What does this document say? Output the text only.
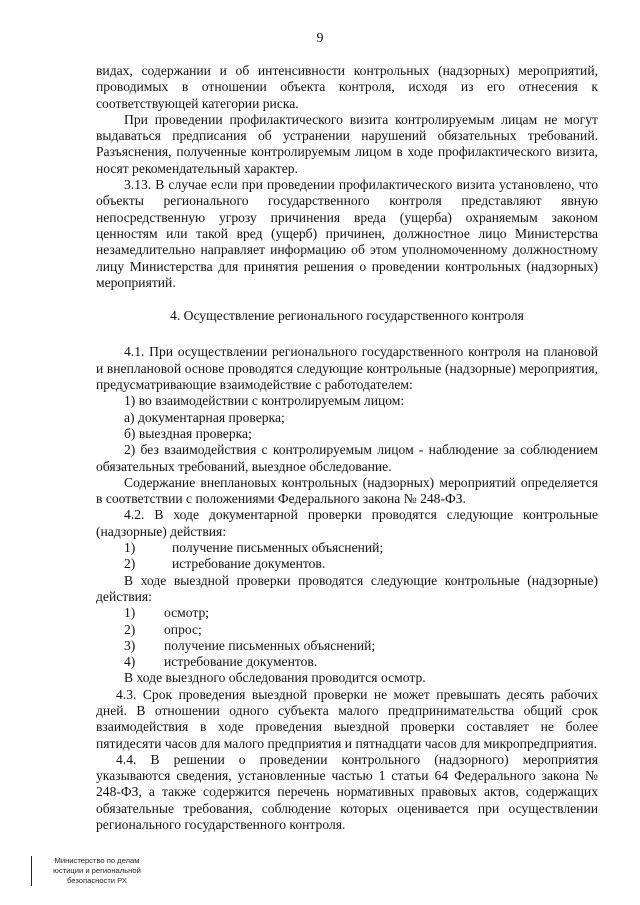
9

видах, содержании и об интенсивности контрольных (надзорных) мероприятий, проводимых в отношении объекта контроля, исходя из его отнесения к соответствующей категории риска.

При проведении профилактического визита контролируемым лицам не могут выдаваться предписания об устранении нарушений обязательных требований. Разъяснения, полученные контролируемым лицом в ходе профилактического визита, носят рекомендательный характер.

3.13. В случае если при проведении профилактического визита установлено, что объекты регионального государственного контроля представляют явную непосредственную угрозу причинения вреда (ущерба) охраняемым законом ценностям или такой вред (ущерб) причинен, должностное лицо Министерства незамедлительно направляет информацию об этом уполномоченному должностному лицу Министерства для принятия решения о проведении контрольных (надзорных) мероприятий.

4. Осуществление регионального государственного контроля

4.1. При осуществлении регионального государственного контроля на плановой и внеплановой основе проводятся следующие контрольные (надзорные) мероприятия, предусматривающие взаимодействие с работодателем:

1) во взаимодействии с контролируемым лицом:

а) документарная проверка;

б) выездная проверка;

2) без взаимодействия с контролируемым лицом - наблюдение за соблюдением обязательных требований, выездное обследование.

Содержание внеплановых контрольных (надзорных) мероприятий определяется в соответствии с положениями Федерального закона № 248-ФЗ.

4.2. В ходе документарной проверки проводятся следующие контрольные (надзорные) действия:

1)	получение письменных объяснений;
2)	истребование документов.

В ходе выездной проверки проводятся следующие контрольные (надзорные) действия:

1)	осмотр;
2)	опрос;
3)	получение письменных объяснений;
4)	истребование документов.

В ходе выездного обследования проводится осмотр.

4.3. Срок проведения выездной проверки не может превышать десять рабочих дней. В отношении одного субъекта малого предпринимательства общий срок взаимодействия в ходе проведения выездной проверки составляет не более пятидесяти часов для малого предприятия и пятнадцати часов для микропредприятия.

4.4. В решении о проведении контрольного (надзорного) мероприятия указываются сведения, установленные частью 1 статьи 64 Федерального закона № 248-ФЗ, а также содержится перечень нормативных правовых актов, содержащих обязательные требования, соблюдение которых оценивается при осуществлении регионального государственного контроля.

Министерство по делам
юстиции и региональной
безопасности РХ
